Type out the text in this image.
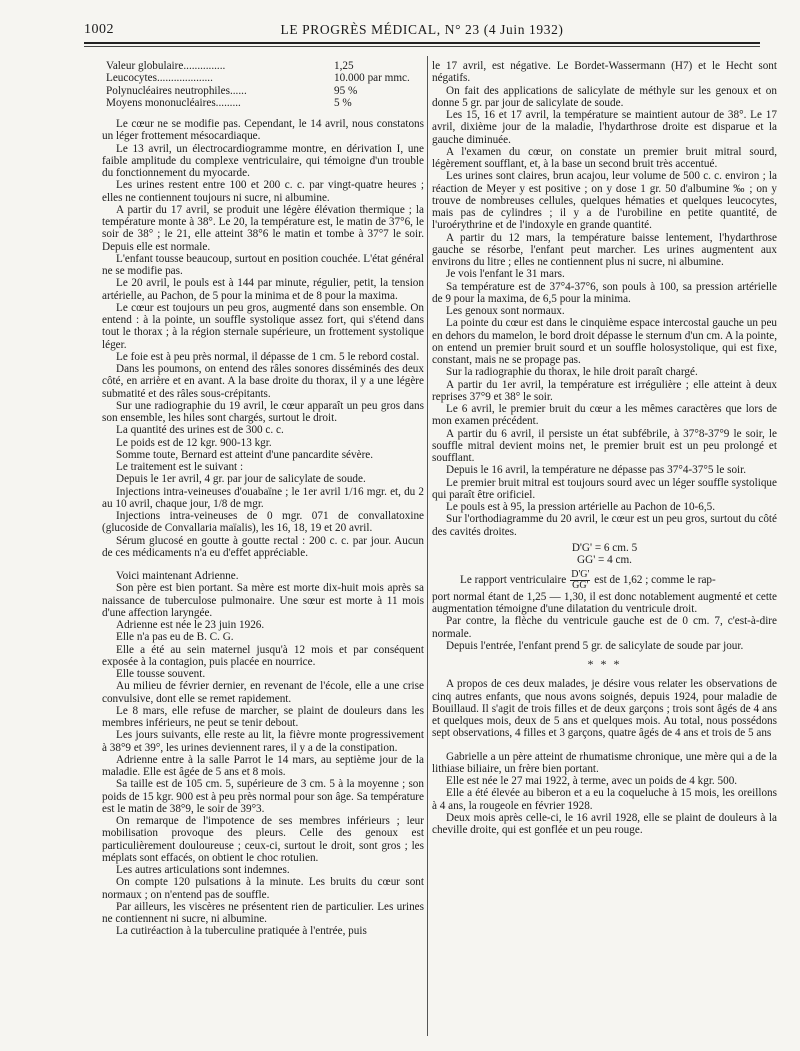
1002	LE PROGRÈS MÉDICAL, N° 23 (4 Juin 1932)
Valeur globulaire...............	1,25
Leucocytes....................	10.000 par mmc.
Polynucléaires neutrophiles......	95 %
Moyens mononucléaires.........	5 %

Le cœur ne se modifie pas. Cependant, le 14 avril, nous constatons un léger frottement mésocardiaque.

Le 13 avril, un électrocardiogramme montre, en dérivation I, une faible amplitude du complexe ventriculaire, qui témoigne d'un trouble du fonctionnement du myocarde.

Les urines restent entre 100 et 200 c. c. par vingt-quatre heures ; elles ne contiennent toujours ni sucre, ni albumine.

A partir du 17 avril, se produit une légère élévation thermique ; la température monte à 38°. Le 20, la température est, le matin de 37°6, le soir de 38° ; le 21, elle atteint 38°6 le matin et tombe à 37°7 le soir. Depuis elle est normale.

L'enfant tousse beaucoup, surtout en position couchée. L'état général ne se modifie pas.

Le 20 avril, le pouls est à 144 par minute, régulier, petit, la tension artérielle, au Pachon, de 5 pour la minima et de 8 pour la maxima.

Le cœur est toujours un peu gros, augmenté dans son ensemble. On entend : à la pointe, un souffle systolique assez fort, qui s'étend dans tout le thorax ; à la région sternale supérieure, un frottement systolique léger.

Le foie est à peu près normal, il dépasse de 1 cm. 5 le rebord costal.

Dans les poumons, on entend des râles sonores disséminés des deux côté, en arrière et en avant. A la base droite du thorax, il y a une légère submatité et des râles sous-crépitants.

Sur une radiographie du 19 avril, le cœur apparaît un peu gros dans son ensemble, les hiles sont chargés, surtout le droit.

La quantité des urines est de 300 c. c.

Le poids est de 12 kgr. 900-13 kgr.

Somme toute, Bernard est atteint d'une pancardite sévère.

Le traitement est le suivant :

Depuis le 1er avril, 4 gr. par jour de salicylate de soude.

Injections intra-veineuses d'ouabaïne ; le 1er avril 1/16 mgr. et, du 2 au 10 avril, chaque jour, 1/8 de mgr.

Injections intra-veineuses de 0 mgr. 071 de convallatoxine (glucoside de Convallaria maïalis), les 16, 18, 19 et 20 avril.

Sérum glucosé en goutte à goutte rectal : 200 c. c. par jour. Aucun de ces médicaments n'a eu d'effet appréciable.

Voici maintenant Adrienne.

Son père est bien portant. Sa mère est morte dix-huit mois après sa naissance de tuberculose pulmonaire. Une sœur est morte à 11 mois d'une affection laryngée.

Adrienne est née le 23 juin 1926.

Elle n'a pas eu de B. C. G.

Elle a été au sein maternel jusqu'à 12 mois et par conséquent exposée à la contagion, puis placée en nourrice.

Elle tousse souvent.

Au milieu de février dernier, en revenant de l'école, elle a une crise convulsive, dont elle se remet rapidement.

Le 8 mars, elle refuse de marcher, se plaint de douleurs dans les membres inférieurs, ne peut se tenir debout.

Les jours suivants, elle reste au lit, la fièvre monte progressivement à 38°9 et 39°, les urines deviennent rares, il y a de la constipation.

Adrienne entre à la salle Parrot le 14 mars, au septième jour de la maladie. Elle est âgée de 5 ans et 8 mois.

Sa taille est de 105 cm. 5, supérieure de 3 cm. 5 à la moyenne ; son poids de 15 kgr. 900 est à peu près normal pour son âge. Sa température est le matin de 38°9, le soir de 39°3.

On remarque de l'impotence de ses membres inférieurs ; leur mobilisation provoque des pleurs. Celle des genoux est particulièrement douloureuse ; ceux-ci, surtout le droit, sont gros ; les méplats sont effacés, on obtient le choc rotulien.

Les autres articulations sont indemnes.

On compte 120 pulsations à la minute. Les bruits du cœur sont normaux ; on n'entend pas de souffle.

Par ailleurs, les viscères ne présentent rien de particulier. Les urines ne contiennent ni sucre, ni albumine.

La cutiréaction à la tuberculine pratiquée à l'entrée, puis

le 17 avril, est négative. Le Bordet-Wassermann (H7) et le Hecht sont négatifs.

On fait des applications de salicylate de méthyle sur les genoux et on donne 5 gr. par jour de salicylate de soude.

Les 15, 16 et 17 avril, la température se maintient autour de 38°. Le 17 avril, dixième jour de la maladie, l'hydarthrose droite est disparue et la gauche diminuée.

A l'examen du cœur, on constate un premier bruit mitral sourd, légèrement soufflant, et, à la base un second bruit très accentué.

Les urines sont claires, brun acajou, leur volume de 500 c. c. environ ; la réaction de Meyer y est positive ; on y dose 1 gr. 50 d'albumine ‰ ; on y trouve de nombreuses cellules, quelques hématies et quelques leucocytes, mais pas de cylindres ; il y a de l'urobiline en petite quantité, de l'uroérythrine et de l'indoxyle en grande quantité.

A partir du 12 mars, la température baisse lentement, l'hydarthrose gauche se résorbe, l'enfant peut marcher. Les urines augmentent aux environs du litre ; elles ne contiennent plus ni sucre, ni albumine.

Je vois l'enfant le 31 mars.

Sa température est de 37°4-37°6, son pouls à 100, sa pression artérielle de 9 pour la maxima, de 6,5 pour la minima.

Les genoux sont normaux.

La pointe du cœur est dans le cinquième espace intercostal gauche un peu en dehors du mamelon, le bord droit dépasse le sternum d'un cm. A la pointe, on entend un premier bruit sourd et un souffle holosystolique, qui est fixe, constant, mais ne se propage pas.

Sur la radiographie du thorax, le hile droit paraît chargé.

A partir du 1er avril, la température est irrégulière ; elle atteint à deux reprises 37°9 et 38° le soir.

Le 6 avril, le premier bruit du cœur a les mêmes caractères que lors de mon examen précédent.

A partir du 6 avril, il persiste un état subfébrile, à 37°8-37°9 le soir, le souffle mitral devient moins net, le premier bruit est un peu prolongé et soufflant.

Depuis le 16 avril, la température ne dépasse pas 37°4-37°5 le soir.

Le premier bruit mitral est toujours sourd avec un léger souffle systolique qui paraît être orificiel.

Le pouls est à 95, la pression artérielle au Pachon de 10-6,5.

Sur l'orthodiagramme du 20 avril, le cœur est un peu gros, surtout du côté des cavités droites.

D'G' = 6 cm. 5
GG' = 4 cm.
Le rapport ventriculaire $\frac{D'G'}{GG'}$ est de 1,62 ; comme le rap-

port normal étant de 1,25 — 1,30, il est donc notablement augmenté et cette augmentation témoigne d'une dilatation du ventricule droit.

Par contre, la flèche du ventricule gauche est de 0 cm. 7, c'est-à-dire normale.

Depuis l'entrée, l'enfant prend 5 gr. de salicylate de soude par jour.

* * *

A propos de ces deux malades, je désire vous relater les observations de cinq autres enfants, que nous avons soignés, depuis 1924, pour maladie de Bouillaud. Il s'agit de trois filles et de deux garçons ; trois sont âgés de 4 ans et quelques mois, deux de 5 ans et quelques mois. Au total, nous possédons sept observations, 4 filles et 3 garçons, quatre âgés de 4 ans et trois de 5 ans

Gabrielle a un père atteint de rhumatisme chronique, une mère qui a de la lithiase biliaire, un frère bien portant.

Elle est née le 27 mai 1922, à terme, avec un poids de 4 kgr. 500.

Elle a été élevée au biberon et a eu la coqueluche à 15 mois, les oreillons à 4 ans, la rougeole en février 1928.

Deux mois après celle-ci, le 16 avril 1928, elle se plaint de douleurs à la cheville droite, qui est gonflée et un peu rouge.
